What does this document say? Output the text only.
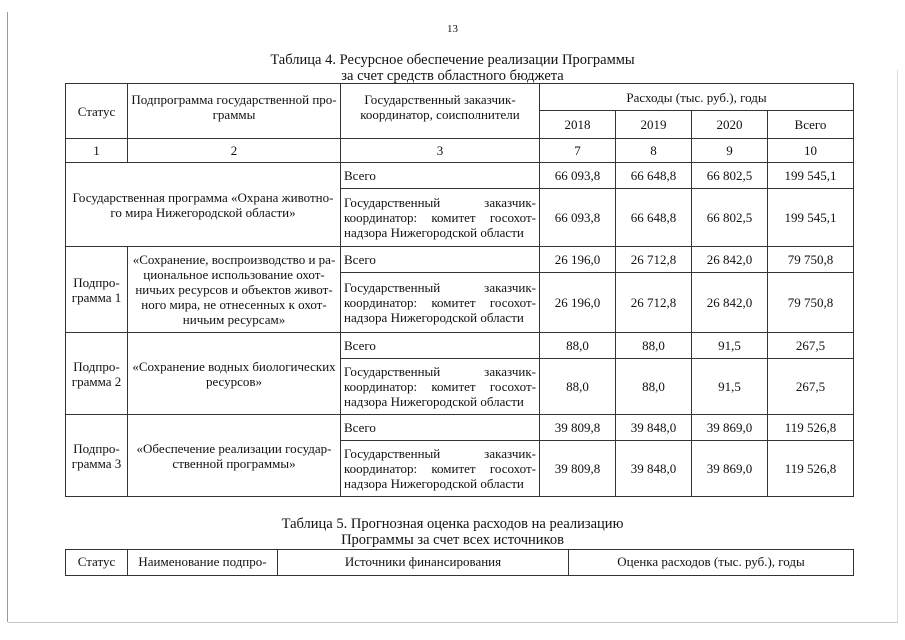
13
Таблица 4. Ресурсное обеспечение реализации Программы
за счет средств областного бюджета
Статус	Подпрограмма государственной про-граммы	Государственный заказчик-координатор, соисполнители	Расходы (тыс. руб.), годы			
			2018	2019	2020	Всего
1	2	3	7	8	9	10
Государственная программа «Охрана животно-го мира Нижегородской области»		Всего	66 093,8	66 648,8	66 802,5	199 545,1
		Государственный заказчик-координатор: комитет госохот-надзора Нижегородской области	66 093,8	66 648,8	66 802,5	199 545,1
Подпро-грамма 1	«Сохранение, воспроизводство и ра-циональное использование охот-ничьих ресурсов и объектов живот-ного мира, не отнесенных к охот-ничьим ресурсам»	Всего	26 196,0	26 712,8	26 842,0	79 750,8
		Государственный заказчик-координатор: комитет госохот-надзора Нижегородской области	26 196,0	26 712,8	26 842,0	79 750,8
Подпро-грамма 2	«Сохранение водных биологических ресурсов»	Всего	88,0	88,0	91,5	267,5
		Государственный заказчик-координатор: комитет госохот-надзора Нижегородской области	88,0	88,0	91,5	267,5
Подпро-грамма 3	«Обеспечение реализации государ-ственной программы»	Всего	39 809,8	39 848,0	39 869,0	119 526,8
		Государственный заказчик-координатор: комитет госохот-надзора Нижегородской области	39 809,8	39 848,0	39 869,0	119 526,8
Таблица 5. Прогнозная оценка расходов на реализацию
Программы за счет всех источников
Статус	Наименование подпро-	Источники финансирования	Оценка расходов (тыс. руб.), годы
